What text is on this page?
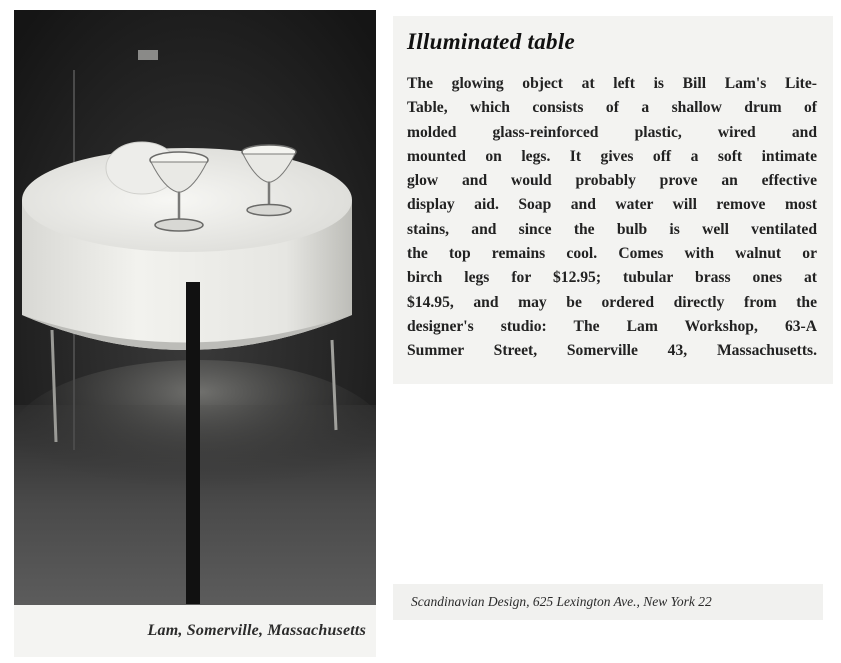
Lam, Somerville, Massachusetts
Illuminated table

The glowing object at left is Bill Lam's Lite-
Table, which consists of a shallow drum of
molded glass-reinforced plastic, wired and
mounted on legs. It gives off a soft intimate
glow and would probably prove an effective
display aid. Soap and water will remove most
stains, and since the bulb is well ventilated
the top remains cool. Comes with walnut or
birch legs for $12.95; tubular brass ones at
$14.95, and may be ordered directly from the
designer's studio: The Lam Workshop, 63-A
Summer Street, Somerville 43, Massachusetts.

Scandinavian Design, 625 Lexington Ave., New York 22
